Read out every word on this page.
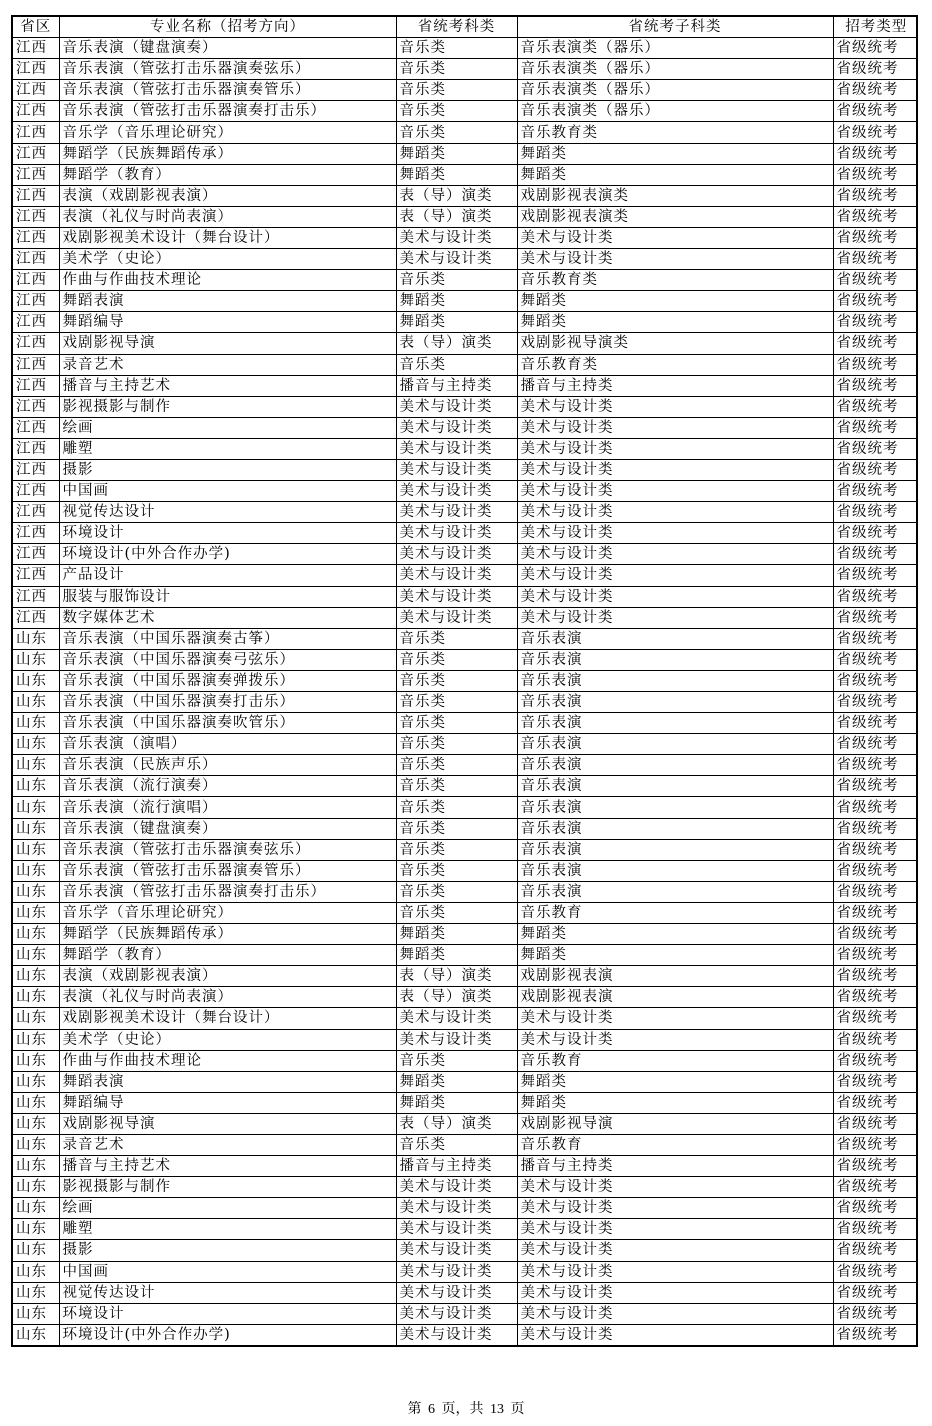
省区	专业名称（招考方向）	省统考科类	省统考子科类	招考类型
江西	音乐表演（键盘演奏）	音乐类	音乐表演类（器乐）	省级统考
江西	音乐表演（管弦打击乐器演奏弦乐）	音乐类	音乐表演类（器乐）	省级统考
江西	音乐表演（管弦打击乐器演奏管乐）	音乐类	音乐表演类（器乐）	省级统考
江西	音乐表演（管弦打击乐器演奏打击乐）	音乐类	音乐表演类（器乐）	省级统考
江西	音乐学（音乐理论研究）	音乐类	音乐教育类	省级统考
江西	舞蹈学（民族舞蹈传承）	舞蹈类	舞蹈类	省级统考
江西	舞蹈学（教育）	舞蹈类	舞蹈类	省级统考
江西	表演（戏剧影视表演）	表（导）演类	戏剧影视表演类	省级统考
江西	表演（礼仪与时尚表演）	表（导）演类	戏剧影视表演类	省级统考
江西	戏剧影视美术设计（舞台设计）	美术与设计类	美术与设计类	省级统考
江西	美术学（史论）	美术与设计类	美术与设计类	省级统考
江西	作曲与作曲技术理论	音乐类	音乐教育类	省级统考
江西	舞蹈表演	舞蹈类	舞蹈类	省级统考
江西	舞蹈编导	舞蹈类	舞蹈类	省级统考
江西	戏剧影视导演	表（导）演类	戏剧影视导演类	省级统考
江西	录音艺术	音乐类	音乐教育类	省级统考
江西	播音与主持艺术	播音与主持类	播音与主持类	省级统考
江西	影视摄影与制作	美术与设计类	美术与设计类	省级统考
江西	绘画	美术与设计类	美术与设计类	省级统考
江西	雕塑	美术与设计类	美术与设计类	省级统考
江西	摄影	美术与设计类	美术与设计类	省级统考
江西	中国画	美术与设计类	美术与设计类	省级统考
江西	视觉传达设计	美术与设计类	美术与设计类	省级统考
江西	环境设计	美术与设计类	美术与设计类	省级统考
江西	环境设计(中外合作办学)	美术与设计类	美术与设计类	省级统考
江西	产品设计	美术与设计类	美术与设计类	省级统考
江西	服装与服饰设计	美术与设计类	美术与设计类	省级统考
江西	数字媒体艺术	美术与设计类	美术与设计类	省级统考
山东	音乐表演（中国乐器演奏古筝）	音乐类	音乐表演	省级统考
山东	音乐表演（中国乐器演奏弓弦乐）	音乐类	音乐表演	省级统考
山东	音乐表演（中国乐器演奏弹拨乐）	音乐类	音乐表演	省级统考
山东	音乐表演（中国乐器演奏打击乐）	音乐类	音乐表演	省级统考
山东	音乐表演（中国乐器演奏吹管乐）	音乐类	音乐表演	省级统考
山东	音乐表演（演唱）	音乐类	音乐表演	省级统考
山东	音乐表演（民族声乐）	音乐类	音乐表演	省级统考
山东	音乐表演（流行演奏）	音乐类	音乐表演	省级统考
山东	音乐表演（流行演唱）	音乐类	音乐表演	省级统考
山东	音乐表演（键盘演奏）	音乐类	音乐表演	省级统考
山东	音乐表演（管弦打击乐器演奏弦乐）	音乐类	音乐表演	省级统考
山东	音乐表演（管弦打击乐器演奏管乐）	音乐类	音乐表演	省级统考
山东	音乐表演（管弦打击乐器演奏打击乐）	音乐类	音乐表演	省级统考
山东	音乐学（音乐理论研究）	音乐类	音乐教育	省级统考
山东	舞蹈学（民族舞蹈传承）	舞蹈类	舞蹈类	省级统考
山东	舞蹈学（教育）	舞蹈类	舞蹈类	省级统考
山东	表演（戏剧影视表演）	表（导）演类	戏剧影视表演	省级统考
山东	表演（礼仪与时尚表演）	表（导）演类	戏剧影视表演	省级统考
山东	戏剧影视美术设计（舞台设计）	美术与设计类	美术与设计类	省级统考
山东	美术学（史论）	美术与设计类	美术与设计类	省级统考
山东	作曲与作曲技术理论	音乐类	音乐教育	省级统考
山东	舞蹈表演	舞蹈类	舞蹈类	省级统考
山东	舞蹈编导	舞蹈类	舞蹈类	省级统考
山东	戏剧影视导演	表（导）演类	戏剧影视导演	省级统考
山东	录音艺术	音乐类	音乐教育	省级统考
山东	播音与主持艺术	播音与主持类	播音与主持类	省级统考
山东	影视摄影与制作	美术与设计类	美术与设计类	省级统考
山东	绘画	美术与设计类	美术与设计类	省级统考
山东	雕塑	美术与设计类	美术与设计类	省级统考
山东	摄影	美术与设计类	美术与设计类	省级统考
山东	中国画	美术与设计类	美术与设计类	省级统考
山东	视觉传达设计	美术与设计类	美术与设计类	省级统考
山东	环境设计	美术与设计类	美术与设计类	省级统考
山东	环境设计(中外合作办学)	美术与设计类	美术与设计类	省级统考
第 6 页，共 13 页
